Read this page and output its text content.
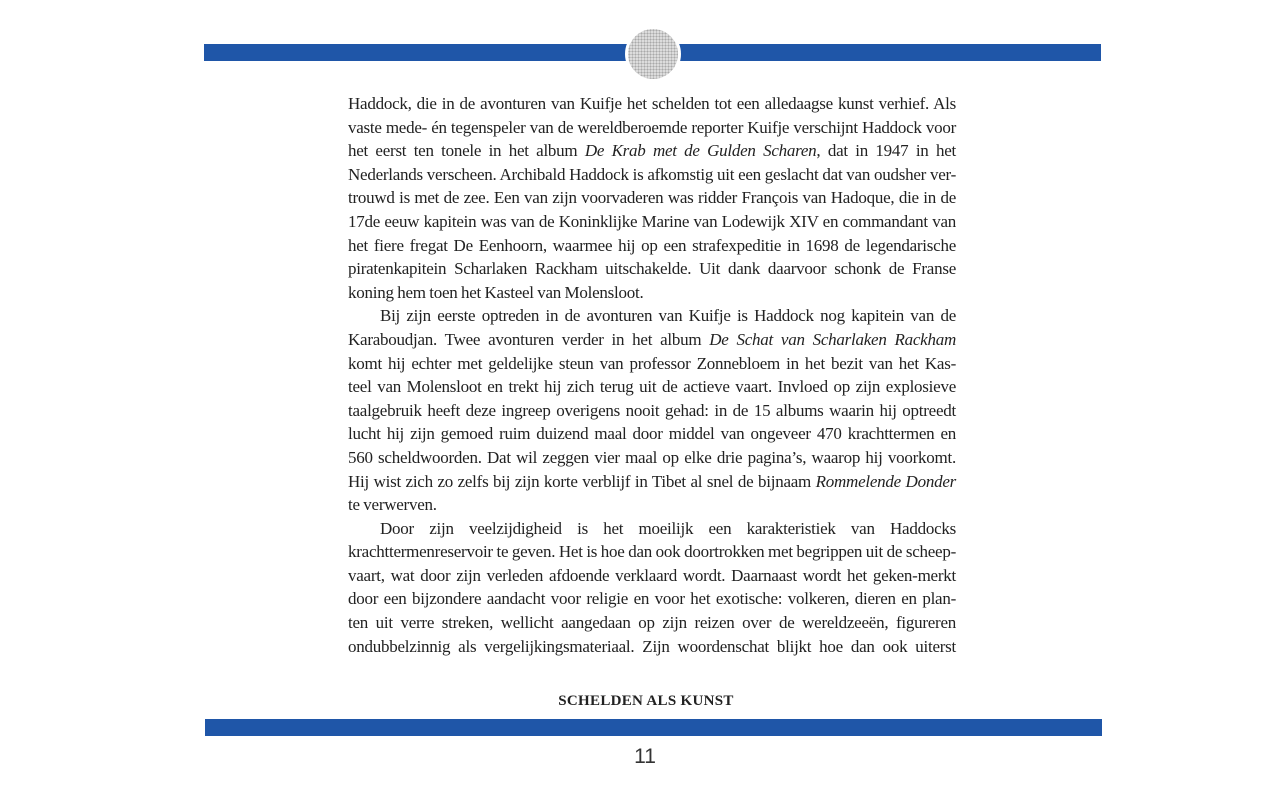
Haddock, die in de avonturen van Kuifje het schelden tot een alledaagse kunst verhief. Als

vaste mede- én tegenspeler van de wereldberoemde reporter Kuifje verschijnt Haddock voor

het eerst ten tonele in het album De Krab met de Gulden Scharen, dat in 1947 in het

Nederlands verscheen. Archibald Haddock is afkomstig uit een geslacht dat van oudsher ver-

trouwd is met de zee. Een van zijn voorvaderen was ridder François van Hadoque, die in de

17de eeuw kapitein was van de Koninklijke Marine van Lodewijk XIV en commandant van

het fiere fregat De Eenhoorn, waarmee hij op een strafexpeditie in 1698 de legendarische

piratenkapitein Scharlaken Rackham uitschakelde. Uit dank daarvoor schonk de Franse

koning hem toen het Kasteel van Molensloot.

Bij zijn eerste optreden in de avonturen van Kuifje is Haddock nog kapitein van de

Karaboudjan. Twee avonturen verder in het album De Schat van Scharlaken Rackham

komt hij echter met geldelijke steun van professor Zonnebloem in het bezit van het Kas-

teel van Molensloot en trekt hij zich terug uit de actieve vaart. Invloed op zijn explosieve

taalgebruik heeft deze ingreep overigens nooit gehad: in de 15 albums waarin hij optreedt

lucht hij zijn gemoed ruim duizend maal door middel van ongeveer 470 krachttermen en

560 scheldwoorden. Dat wil zeggen vier maal op elke drie pagina’s, waarop hij voorkomt.

Hij wist zich zo zelfs bij zijn korte verblijf in Tibet al snel de bijnaam Rommelende Donder

te verwerven.

Door zijn veelzijdigheid is het moeilijk een karakteristiek van Haddocks

krachttermenreservoir te geven. Het is hoe dan ook doortrokken met begrippen uit de scheep-

vaart, wat door zijn verleden afdoende verklaard wordt. Daarnaast wordt het geken-merkt

door een bijzondere aandacht voor religie en voor het exotische: volkeren, dieren en plan-

ten uit verre streken, wellicht aangedaan op zijn reizen over de wereldzeeën, figureren

ondubbelzinnig als vergelijkingsmateriaal. Zijn woordenschat blijkt hoe dan ook uiterst

SCHELDEN ALS KUNST
11
